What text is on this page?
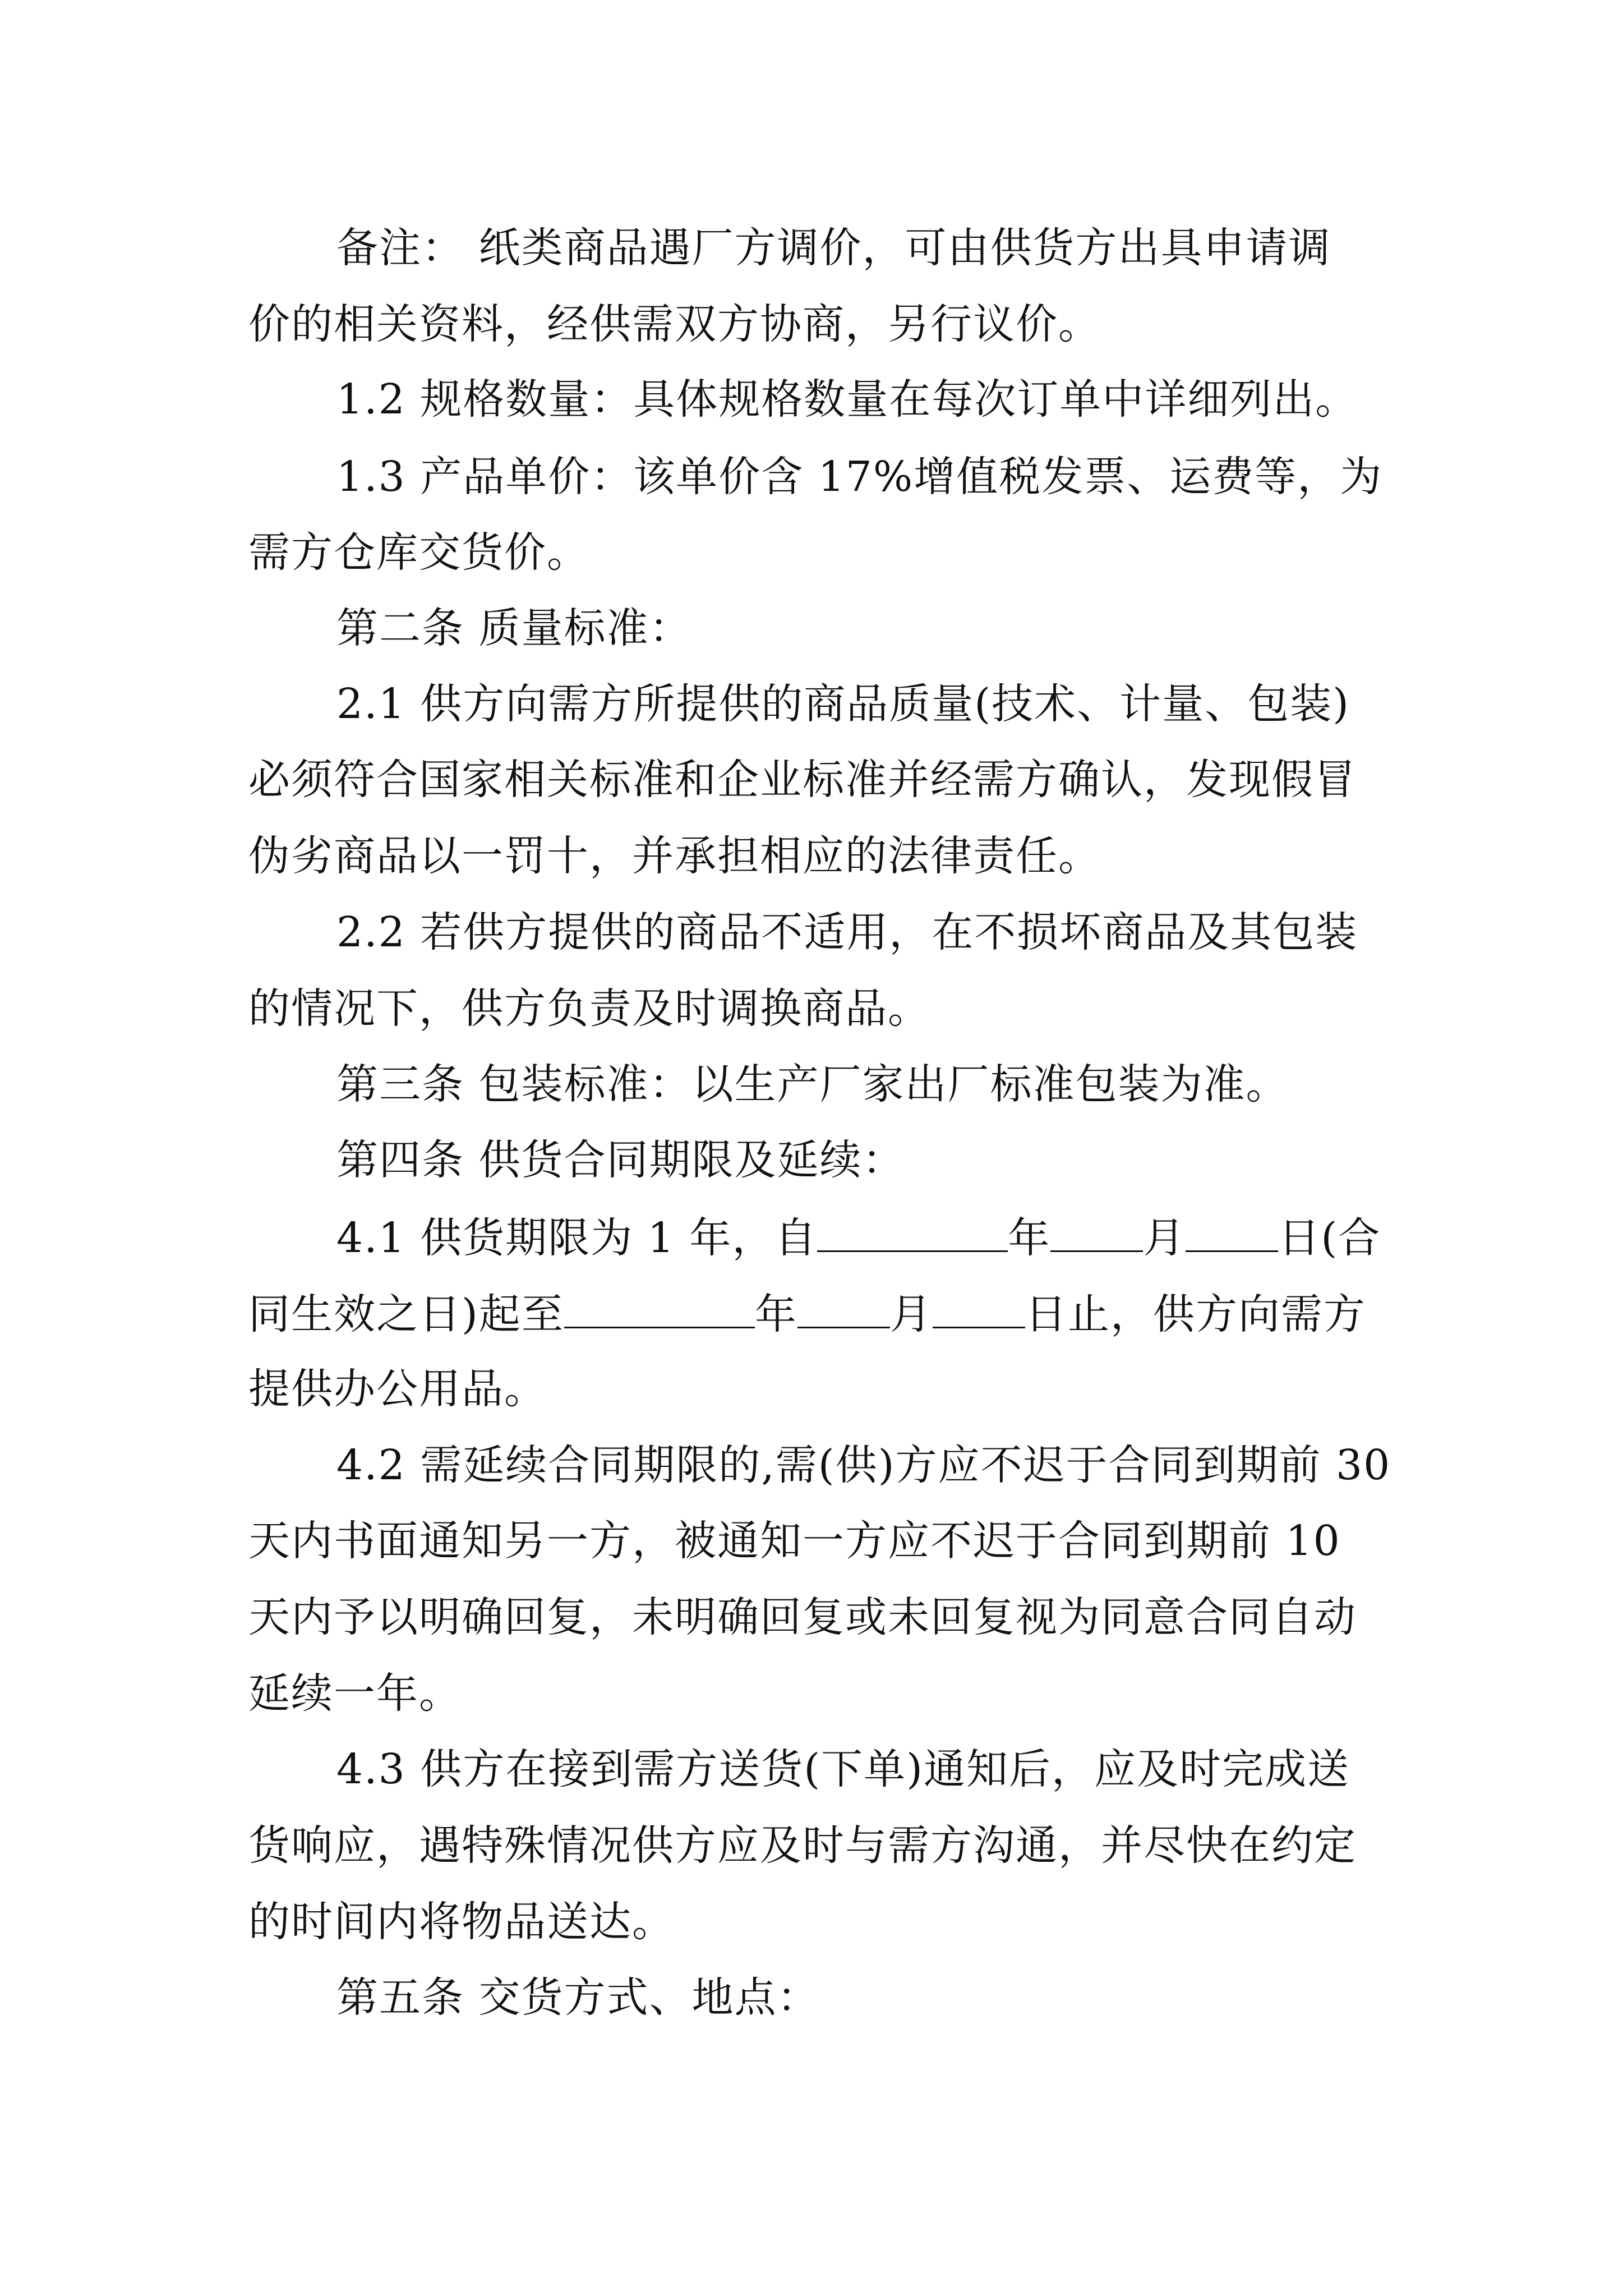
备注： 纸类商品遇厂方调价，可由供货方出具申请调
价的相关资料，经供需双方协商，另行议价。
1.2 规格数量：具体规格数量在每次订单中详细列出。
1.3 产品单价：该单价含 17%增值税发票、运费等，为
需方仓库交货价。
第二条 质量标准：
2.1 供方向需方所提供的商品质量(技术、计量、包装)
必须符合国家相关标准和企业标准并经需方确认，发现假冒
伪劣商品以一罚十，并承担相应的法律责任。
2.2 若供方提供的商品不适用，在不损坏商品及其包装
的情况下，供方负责及时调换商品。
第三条 包装标准：以生产厂家出厂标准包装为准。
第四条 供货合同期限及延续：
4.1 供货期限为 1 年，自	年 月 日(合
同生效之日)起至	年 月 日止，供方向需方
提供办公用品。
4.2 需延续合同期限的,需(供)方应不迟于合同到期前 30
天内书面通知另一方，被通知一方应不迟于合同到期前 10
天内予以明确回复，未明确回复或未回复视为同意合同自动
延续一年。
4.3 供方在接到需方送货(下单)通知后，应及时完成送
货响应，遇特殊情况供方应及时与需方沟通，并尽快在约定
的时间内将物品送达。
第五条 交货方式、地点：
